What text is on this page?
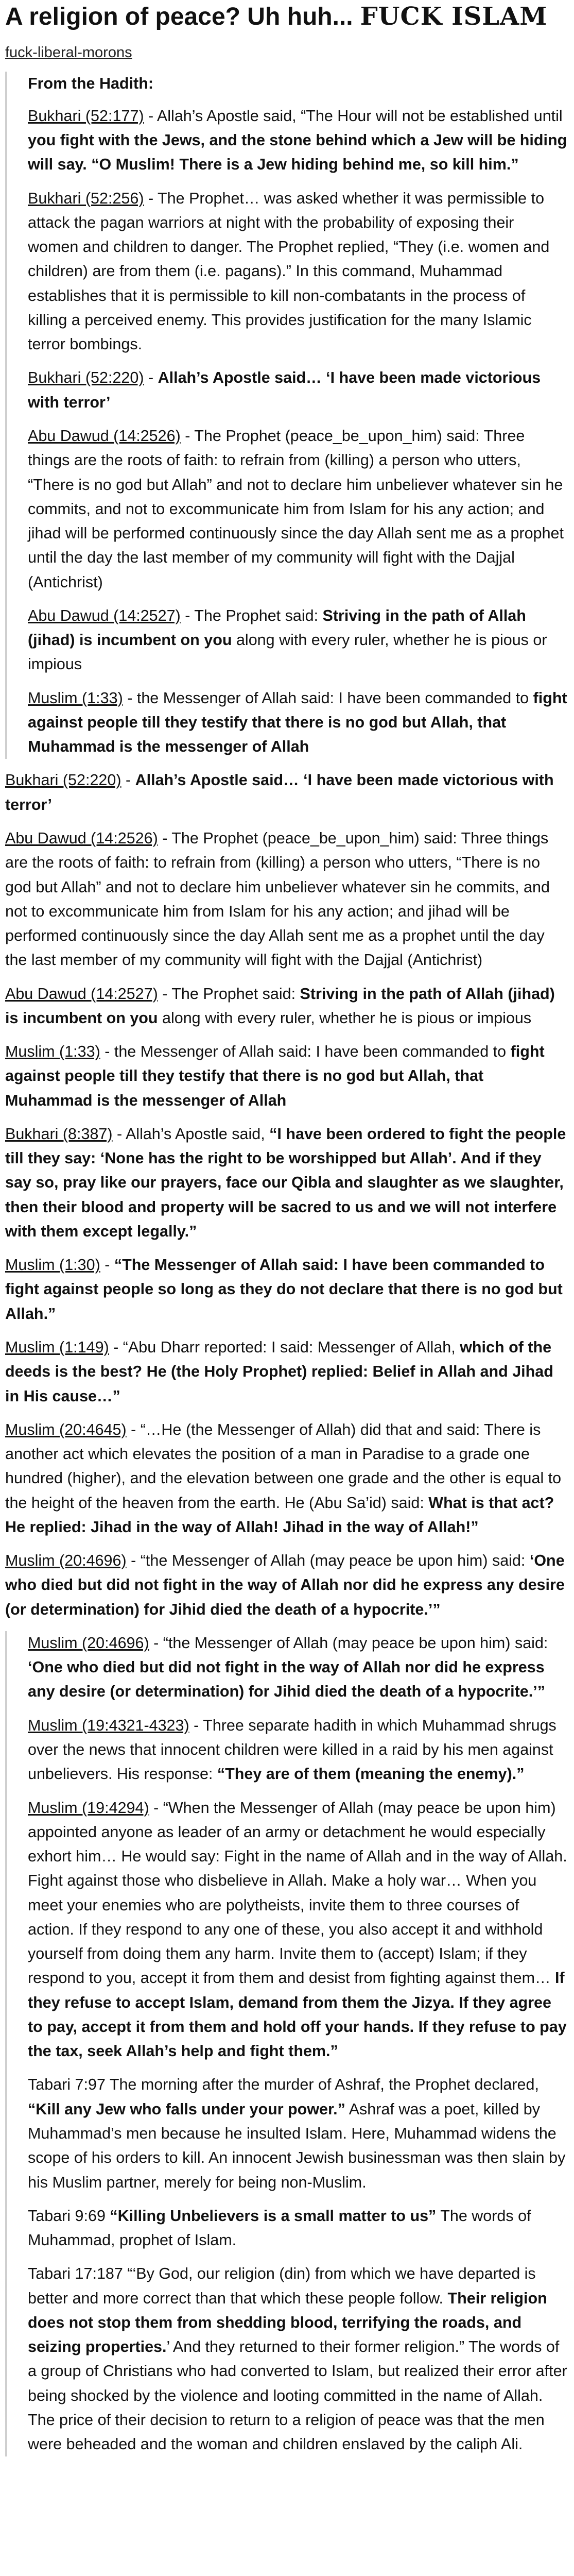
A religion of peace? Uh huh... FUCK ISLAM
fuck-liberal-morons
From the Hadith:
Bukhari (52:177) - Allah’s Apostle said, “The Hour will not be established until you fight with the Jews, and the stone behind which a Jew will be hiding will say. “O Muslim! There is a Jew hiding behind me, so kill him.”
Bukhari (52:256) - The Prophet… was asked whether it was permissible to attack the pagan warriors at night with the probability of exposing their women and children to danger. The Prophet replied, “They (i.e. women and children) are from them (i.e. pagans).” In this command, Muhammad establishes that it is permissible to kill non-combatants in the process of killing a perceived enemy. This provides justification for the many Islamic terror bombings.
Bukhari (52:220) - Allah’s Apostle said… ‘I have been made victorious with terror’
Abu Dawud (14:2526) - The Prophet (peace_be_upon_him) said: Three things are the roots of faith: to refrain from (killing) a person who utters, “There is no god but Allah” and not to declare him unbeliever whatever sin he commits, and not to excommunicate him from Islam for his any action; and jihad will be performed continuously since the day Allah sent me as a prophet until the day the last member of my community will fight with the Dajjal (Antichrist)
Abu Dawud (14:2527) - The Prophet said: Striving in the path of Allah (jihad) is incumbent on you along with every ruler, whether he is pious or impious
Muslim (1:33) - the Messenger of Allah said: I have been commanded to fight against people till they testify that there is no god but Allah, that Muhammad is the messenger of Allah
Bukhari (52:220) - Allah’s Apostle said… ‘I have been made victorious with terror’
Abu Dawud (14:2526) - The Prophet (peace_be_upon_him) said: Three things are the roots of faith: to refrain from (killing) a person who utters, “There is no god but Allah” and not to declare him unbeliever whatever sin he commits, and not to excommunicate him from Islam for his any action; and jihad will be performed continuously since the day Allah sent me as a prophet until the day the last member of my community will fight with the Dajjal (Antichrist)
Abu Dawud (14:2527) - The Prophet said: Striving in the path of Allah (jihad) is incumbent on you along with every ruler, whether he is pious or impious
Muslim (1:33) - the Messenger of Allah said: I have been commanded to fight against people till they testify that there is no god but Allah, that Muhammad is the messenger of Allah
Bukhari (8:387) - Allah’s Apostle said, “I have been ordered to fight the people till they say: ‘None has the right to be worshipped but Allah’. And if they say so, pray like our prayers, face our Qibla and slaughter as we slaughter, then their blood and property will be sacred to us and we will not interfere with them except legally.”
Muslim (1:30) - “The Messenger of Allah said: I have been commanded to fight against people so long as they do not declare that there is no god but Allah.”
Muslim (1:149) - “Abu Dharr reported: I said: Messenger of Allah, which of the deeds is the best? He (the Holy Prophet) replied: Belief in Allah and Jihad in His cause…”
Muslim (20:4645) - “…He (the Messenger of Allah) did that and said: There is another act which elevates the position of a man in Paradise to a grade one hundred (higher), and the elevation between one grade and the other is equal to the height of the heaven from the earth. He (Abu Sa’id) said: What is that act? He replied: Jihad in the way of Allah! Jihad in the way of Allah!”
Muslim (20:4696) - “the Messenger of Allah (may peace be upon him) said: ‘One who died but did not fight in the way of Allah nor did he express any desire (or determination) for Jihid died the death of a hypocrite.’”
Muslim (20:4696) - “the Messenger of Allah (may peace be upon him) said: ‘One who died but did not fight in the way of Allah nor did he express any desire (or determination) for Jihid died the death of a hypocrite.’”
Muslim (19:4321-4323) - Three separate hadith in which Muhammad shrugs over the news that innocent children were killed in a raid by his men against unbelievers. His response: “They are of them (meaning the enemy).”
Muslim (19:4294) - “When the Messenger of Allah (may peace be upon him) appointed anyone as leader of an army or detachment he would especially exhort him… He would say: Fight in the name of Allah and in the way of Allah. Fight against those who disbelieve in Allah. Make a holy war… When you meet your enemies who are polytheists, invite them to three courses of action. If they respond to any one of these, you also accept it and withhold yourself from doing them any harm. Invite them to (accept) Islam; if they respond to you, accept it from them and desist from fighting against them… If they refuse to accept Islam, demand from them the Jizya. If they agree to pay, accept it from them and hold off your hands. If they refuse to pay the tax, seek Allah’s help and fight them.”
Tabari 7:97 The morning after the murder of Ashraf, the Prophet declared, “Kill any Jew who falls under your power.” Ashraf was a poet, killed by Muhammad’s men because he insulted Islam. Here, Muhammad widens the scope of his orders to kill. An innocent Jewish businessman was then slain by his Muslim partner, merely for being non-Muslim.
Tabari 9:69 “Killing Unbelievers is a small matter to us” The words of Muhammad, prophet of Islam.
Tabari 17:187 “‘By God, our religion (din) from which we have departed is better and more correct than that which these people follow. Their religion does not stop them from shedding blood, terrifying the roads, and seizing properties.’ And they returned to their former religion.” The words of a group of Christians who had converted to Islam, but realized their error after being shocked by the violence and looting committed in the name of Allah. The price of their decision to return to a religion of peace was that the men were beheaded and the woman and children enslaved by the caliph Ali.
